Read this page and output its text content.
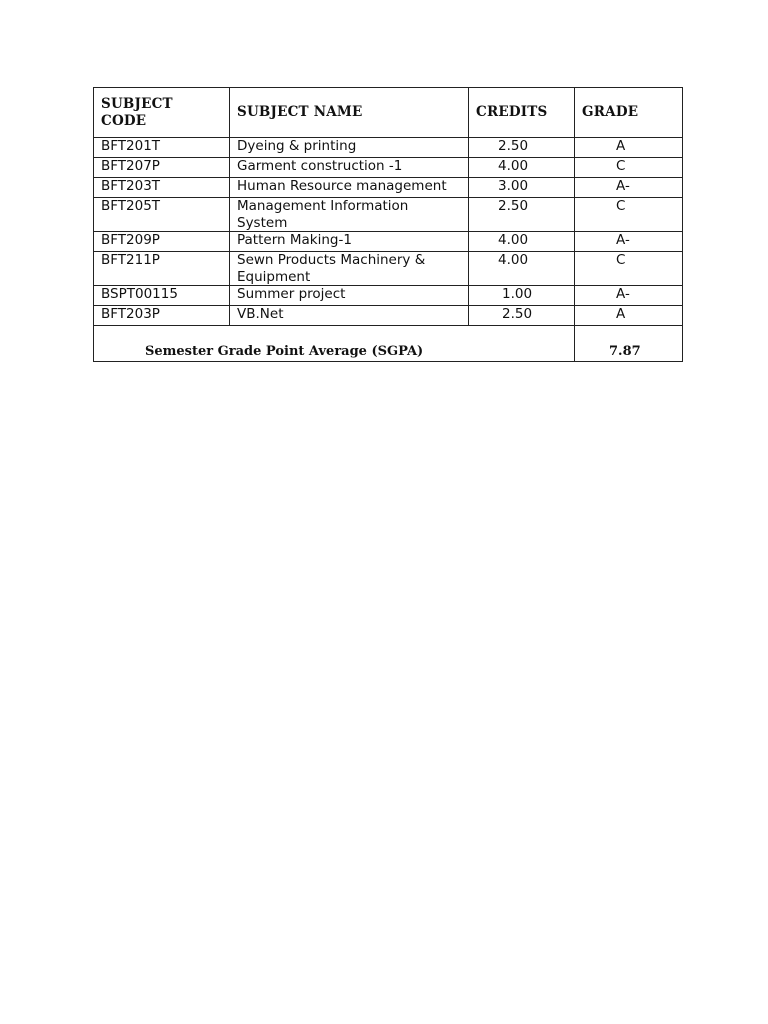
SUBJECT CODE	SUBJECT NAME	CREDITS	GRADE
BFT201T	Dyeing & printing	2.50	A
BFT207P	Garment construction -1	4.00	C
BFT203T	Human Resource management	3.00	A-
BFT205T	Management Information System	2.50	C
BFT209P	Pattern Making-1	4.00	A-
BFT211P	Sewn Products Machinery & Equipment	4.00	C
BSPT00115	Summer project	1.00	A-
BFT203P	VB.Net	2.50	A
Semester Grade Point Average (SGPA)			7.87
